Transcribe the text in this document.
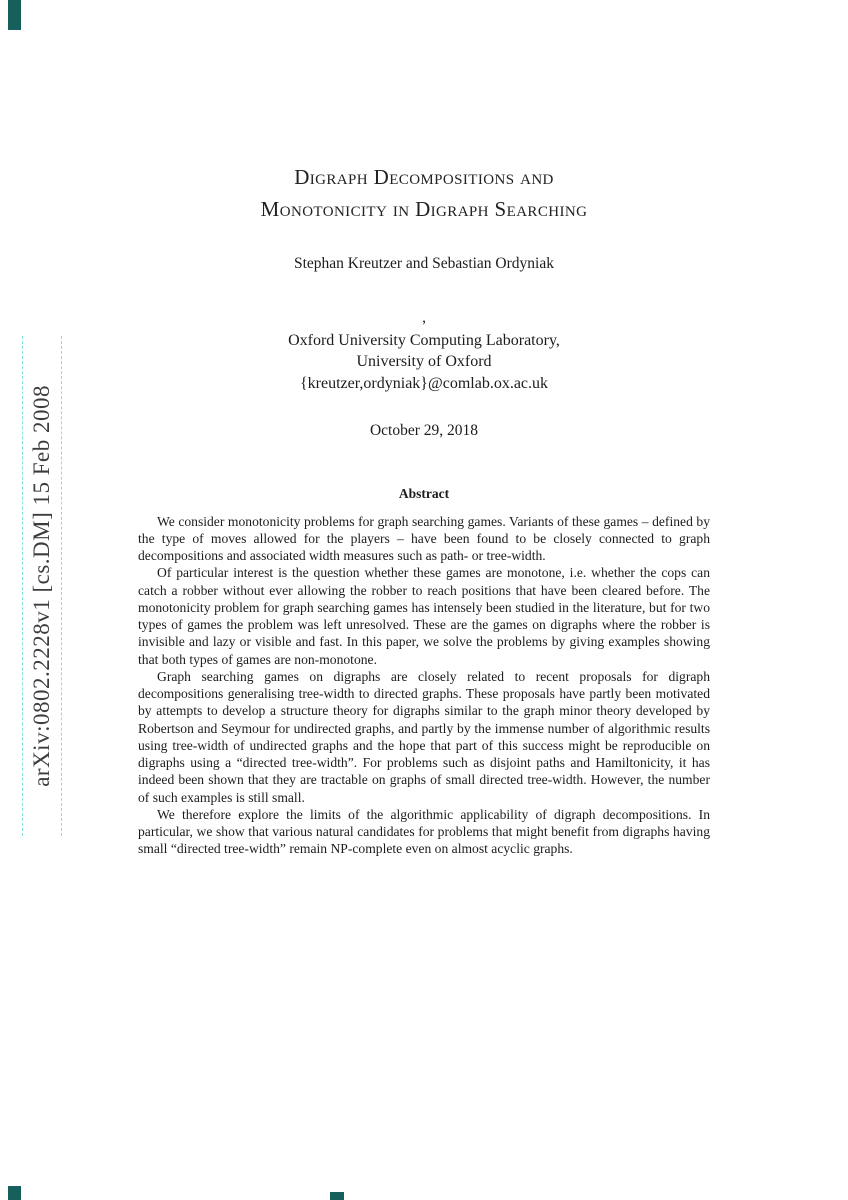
arXiv:0802.2228v1 [cs.DM] 15 Feb 2008
Digraph Decompositions and
Monotonicity in Digraph Searching
Stephan Kreutzer and Sebastian Ordyniak
,
Oxford University Computing Laboratory,
University of Oxford
{kreutzer,ordyniak}@comlab.ox.ac.uk
October 29, 2018
Abstract

We consider monotonicity problems for graph searching games. Variants of these games – defined by the type of moves allowed for the players – have been found to be closely connected to graph decompositions and associated width measures such as path- or tree-width.

Of particular interest is the question whether these games are monotone, i.e. whether the cops can catch a robber without ever allowing the robber to reach positions that have been cleared before. The monotonicity problem for graph searching games has intensely been studied in the literature, but for two types of games the problem was left unresolved. These are the games on digraphs where the robber is invisible and lazy or visible and fast. In this paper, we solve the problems by giving examples showing that both types of games are non-monotone.

Graph searching games on digraphs are closely related to recent proposals for digraph decompositions generalising tree-width to directed graphs. These proposals have partly been motivated by attempts to develop a structure theory for digraphs similar to the graph minor theory developed by Robertson and Seymour for undirected graphs, and partly by the immense number of algorithmic results using tree-width of undirected graphs and the hope that part of this success might be reproducible on digraphs using a “directed tree-width”. For problems such as disjoint paths and Hamiltonicity, it has indeed been shown that they are tractable on graphs of small directed tree-width. However, the number of such examples is still small.

We therefore explore the limits of the algorithmic applicability of digraph decompositions. In particular, we show that various natural candidates for problems that might benefit from digraphs having small “directed tree-width” remain NP-complete even on almost acyclic graphs.
